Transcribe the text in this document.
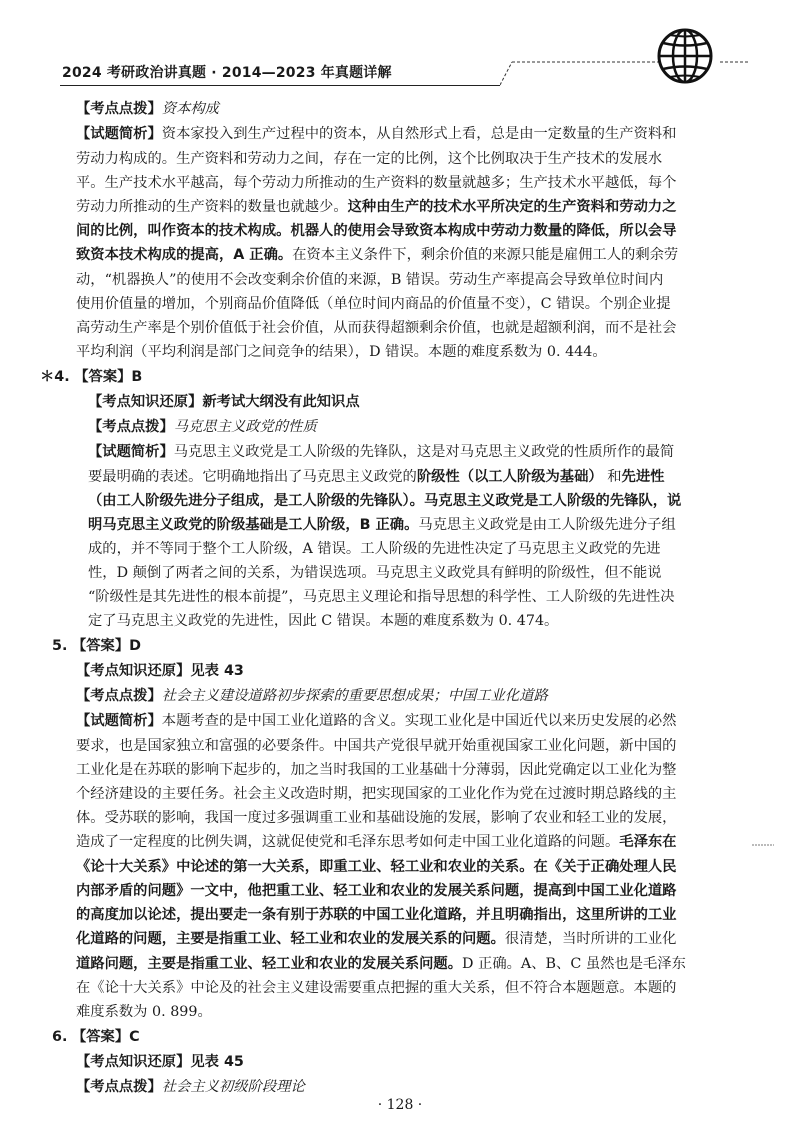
2024 考研政治讲真题 · 2014—2023 年真题详解
【考点点拨】资本构成
【试题简析】资本家投入到生产过程中的资本，从自然形式上看，总是由一定数量的生产资料和
劳动力构成的。生产资料和劳动力之间，存在一定的比例，这个比例取决于生产技术的发展水
平。生产技术水平越高，每个劳动力所推动的生产资料的数量就越多；生产技术水平越低，每个
劳动力所推动的生产资料的数量也就越少。这种由生产的技术水平所决定的生产资料和劳动力之
间的比例，叫作资本的技术构成。机器人的使用会导致资本构成中劳动力数量的降低，所以会导
致资本技术构成的提高，A 正确。在资本主义条件下，剩余价值的来源只能是雇佣工人的剩余劳
动，“机器换人”的使用不会改变剩余价值的来源，B 错误。劳动生产率提高会导致单位时间内
使用价值量的增加，个别商品价值降低（单位时间内商品的价值量不变），C 错误。个别企业提
高劳动生产率是个别价值低于社会价值，从而获得超额剩余价值，也就是超额利润，而不是社会
平均利润（平均利润是部门之间竞争的结果），D 错误。本题的难度系数为 0. 444。
＊4. 【答案】B
【考点知识还原】新考试大纲没有此知识点
【考点点拨】马克思主义政党的性质
【试题简析】马克思主义政党是工人阶级的先锋队，这是对马克思主义政党的性质所作的最简
要最明确的表述。它明确地指出了马克思主义政党的阶级性（以工人阶级为基础） 和先进性
（由工人阶级先进分子组成，是工人阶级的先锋队）。马克思主义政党是工人阶级的先锋队，说
明马克思主义政党的阶级基础是工人阶级，B 正确。马克思主义政党是由工人阶级先进分子组
成的，并不等同于整个工人阶级，A 错误。工人阶级的先进性决定了马克思主义政党的先进
性，D 颠倒了两者之间的关系，为错误选项。马克思主义政党具有鲜明的阶级性，但不能说
“阶级性是其先进性的根本前提”，马克思主义理论和指导思想的科学性、工人阶级的先进性决
定了马克思主义政党的先进性，因此 C 错误。本题的难度系数为 0. 474。
5. 【答案】D
【考点知识还原】见表 43
【考点点拨】社会主义建设道路初步探索的重要思想成果；中国工业化道路
【试题简析】本题考查的是中国工业化道路的含义。实现工业化是中国近代以来历史发展的必然
要求，也是国家独立和富强的必要条件。中国共产党很早就开始重视国家工业化问题，新中国的
工业化是在苏联的影响下起步的，加之当时我国的工业基础十分薄弱，因此党确定以工业化为整
个经济建设的主要任务。社会主义改造时期，把实现国家的工业化作为党在过渡时期总路线的主
体。受苏联的影响，我国一度过多强调重工业和基础设施的发展，影响了农业和轻工业的发展，
造成了一定程度的比例失调，这就促使党和毛泽东思考如何走中国工业化道路的问题。毛泽东在
《论十大关系》中论述的第一大关系，即重工业、轻工业和农业的关系。在《关于正确处理人民
内部矛盾的问题》一文中，他把重工业、轻工业和农业的发展关系问题，提高到中国工业化道路
的高度加以论述，提出要走一条有别于苏联的中国工业化道路，并且明确指出，这里所讲的工业
化道路的问题，主要是指重工业、轻工业和农业的发展关系的问题。很清楚，当时所讲的工业化
道路问题，主要是指重工业、轻工业和农业的发展关系问题。D 正确。A、B、C 虽然也是毛泽东
在《论十大关系》中论及的社会主义建设需要重点把握的重大关系，但不符合本题题意。本题的
难度系数为 0. 899。
6. 【答案】C
【考点知识还原】见表 45
【考点点拨】社会主义初级阶段理论
· 128 ·
